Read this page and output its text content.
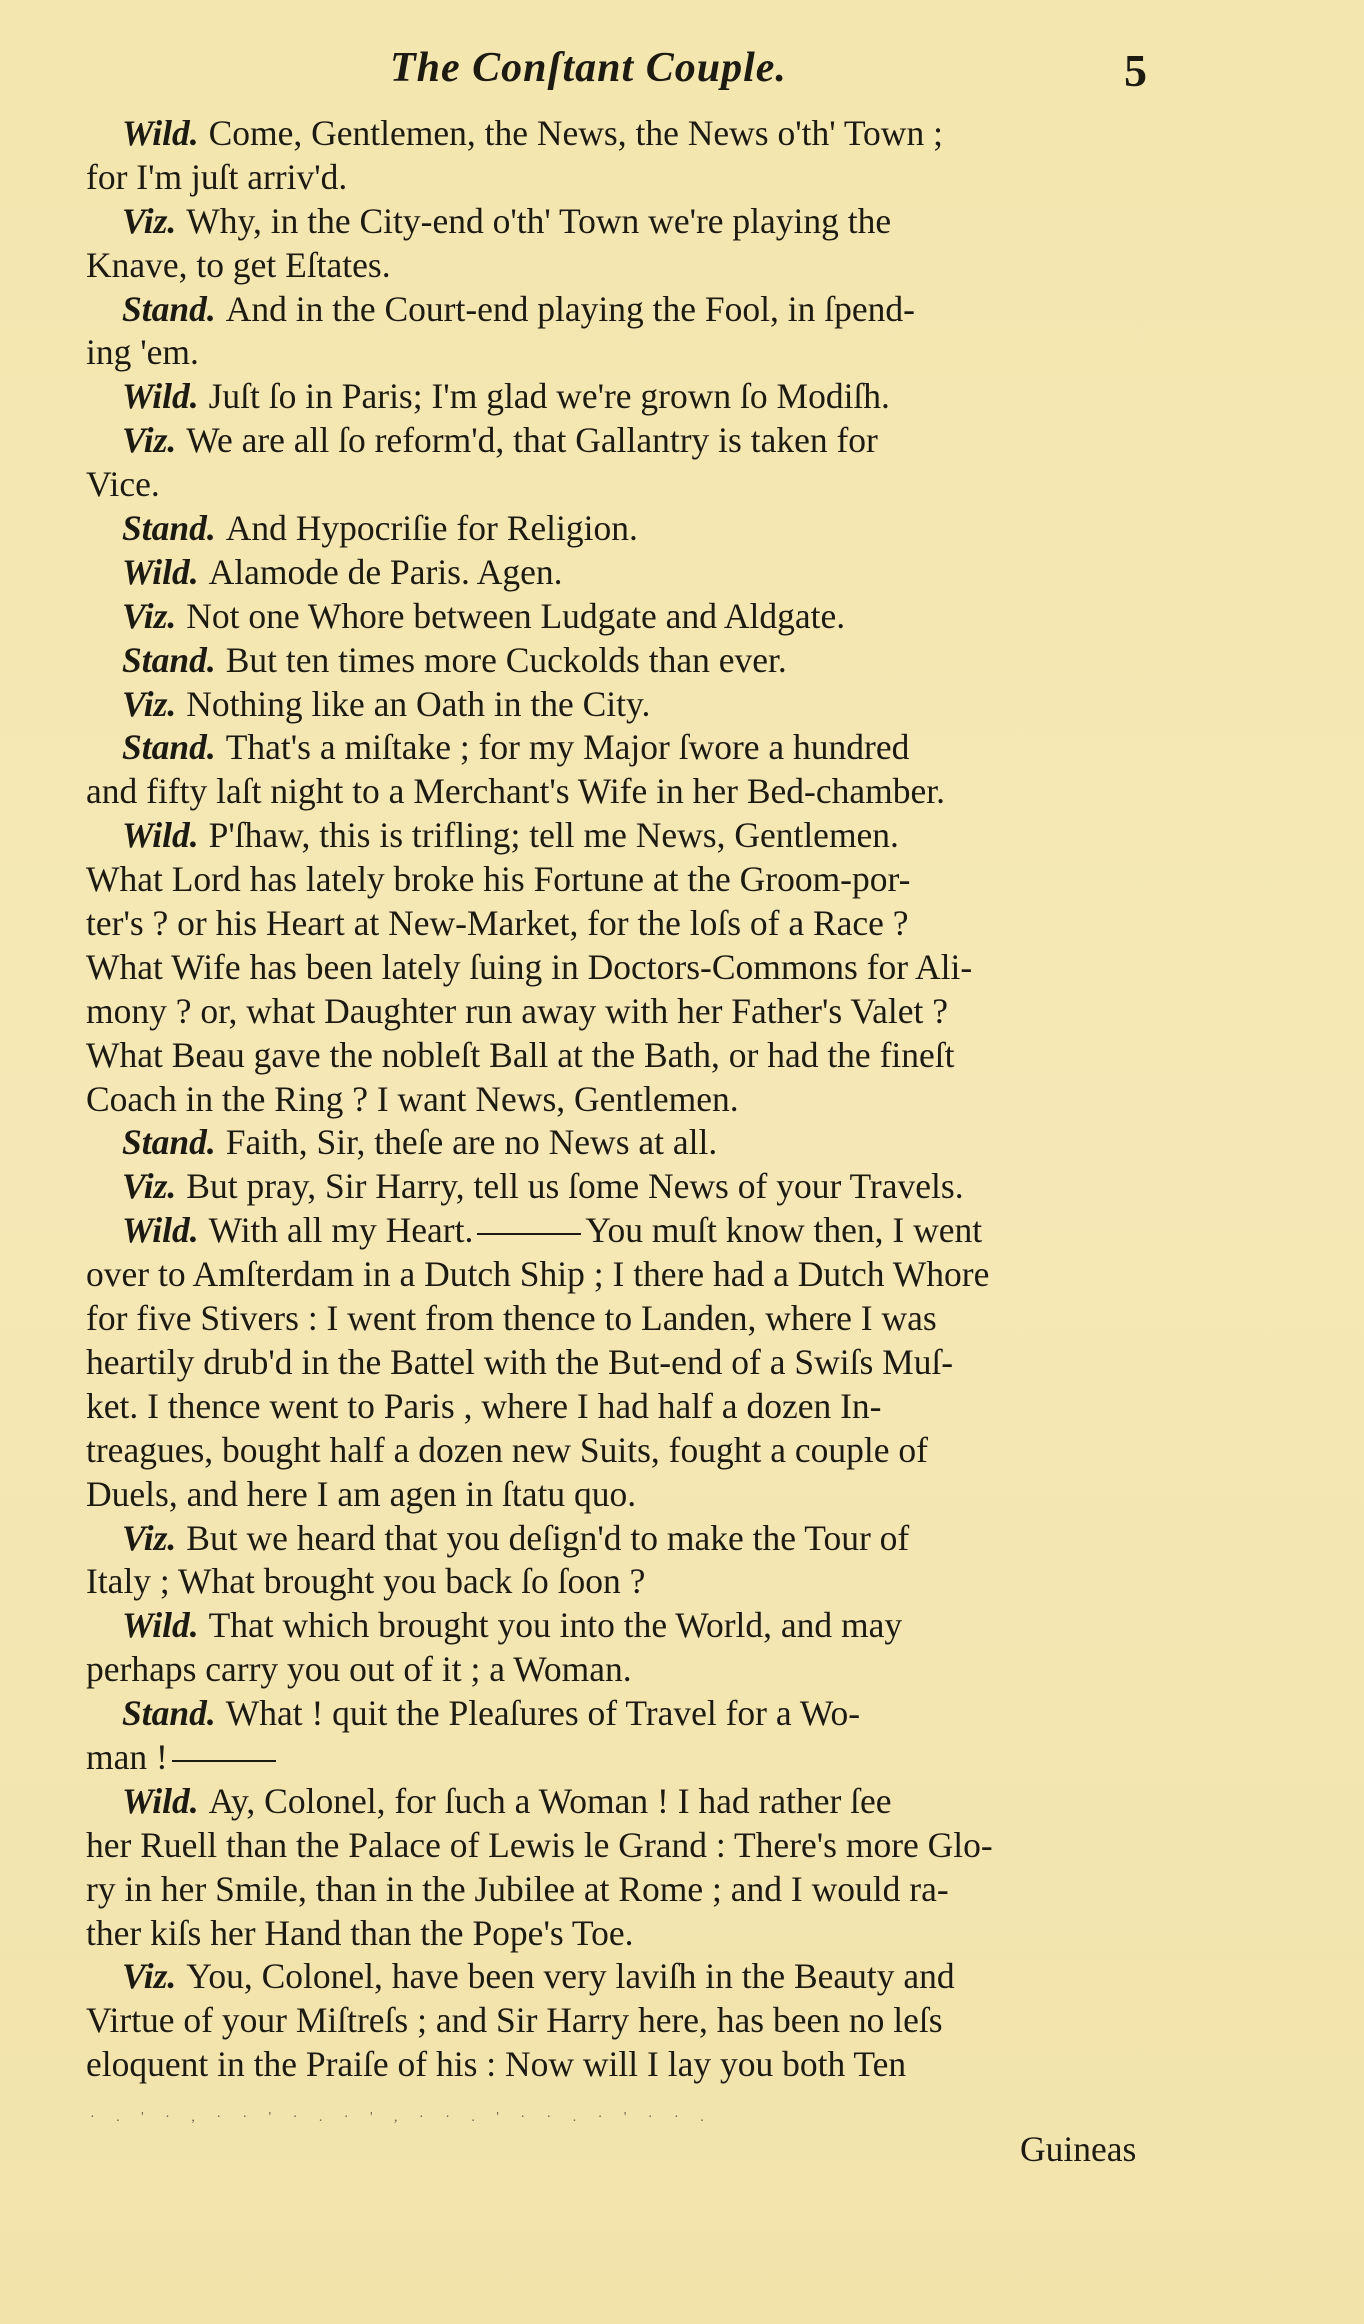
The Conſtant Couple.	5
Wild. Come, Gentlemen, the News, the News o'th' Town ;
for I'm juſt arriv'd.
Viz. Why, in the City-end o'th' Town we're playing the
Knave, to get Eſtates.
Stand. And in the Court-end playing the Fool, in ſpend-
ing 'em.
Wild. Juſt ſo in Paris; I'm glad we're grown ſo Modiſh.
Viz. We are all ſo reform'd, that Gallantry is taken for
Vice.
Stand. And Hypocriſie for Religion.
Wild. Alamode de Paris. Agen.
Viz. Not one Whore between Ludgate and Aldgate.
Stand. But ten times more Cuckolds than ever.
Viz. Nothing like an Oath in the City.
Stand. That's a miſtake ; for my Major ſwore a hundred
and fifty laſt night to a Merchant's Wife in her Bed-chamber.
Wild. P'ſhaw, this is trifling; tell me News, Gentlemen.
What Lord has lately broke his Fortune at the Groom-por-
ter's ? or his Heart at New-Market, for the loſs of a Race ?
What Wife has been lately ſuing in Doctors-Commons for Ali-
mony ? or, what Daughter run away with her Father's Valet ?
What Beau gave the nobleſt Ball at the Bath, or had the fineſt
Coach in the Ring ? I want News, Gentlemen.
Stand. Faith, Sir, theſe are no News at all.
Viz. But pray, Sir Harry, tell us ſome News of your Travels.
Wild. With all my Heart.	You muſt know then, I went
over to Amſterdam in a Dutch Ship ; I there had a Dutch Whore
for five Stivers : I went from thence to Landen, where I was
heartily drub'd in the Battel with the But-end of a Swiſs Muſ-
ket. I thence went to Paris , where I had half a dozen In-
treagues, bought half a dozen new Suits, fought a couple of
Duels, and here I am agen in ſtatu quo.
Viz. But we heard that you deſign'd to make the Tour of
Italy ; What brought you back ſo ſoon ?
Wild. That which brought you into the World, and may
perhaps carry you out of it ; a Woman.
Stand. What ! quit the Pleaſures of Travel for a Wo-
man !
Wild. Ay, Colonel, for ſuch a Woman ! I had rather ſee
her Ruell than the Palace of Lewis le Grand : There's more Glo-
ry in her Smile, than in the Jubilee at Rome ; and I would ra-
ther kiſs her Hand than the Pope's Toe.
Viz. You, Colonel, have been very laviſh in the Beauty and
Virtue of your Miſtreſs ; and Sir Harry here, has been no leſs
eloquent in the Praiſe of his : Now will I lay you both Ten
· . ' · , · · ' · . · ' , · · . ' · · . · ' · · .
Guineas
